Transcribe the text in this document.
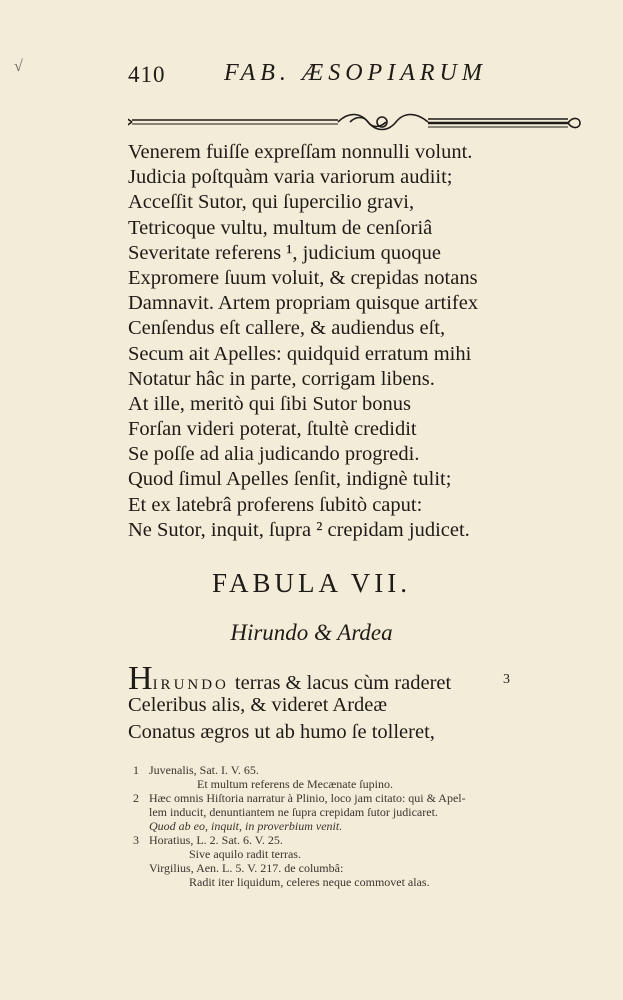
√	410 FAB. ÆSOPIARUM
Venerem fuiſſe expreſſam nonnulli volunt.
Judicia poſtquàm varia variorum audiit;
Acceſſit Sutor, qui ſupercilio gravi,
Tetricoque vultu, multum de cenſoriâ
Severitate referens ¹, judicium quoque
Expromere ſuum voluit, & crepidas notans
Damnavit. Artem propriam quisque artifex
Cenſendus eſt callere, & audiendus eſt,
Secum ait Apelles: quidquid erratum mihi
Notatur hâc in parte, corrigam libens.
At ille, meritò qui ſibi Sutor bonus
Forſan videri poterat, ſtultè credidit
Se poſſe ad alia judicando progredi.
Quod ſimul Apelles ſenſit, indignè tulit;
Et ex latebrâ proferens ſubitò caput:
Ne Sutor, inquit, ſupra ² crepidam judicet.
FABULA VII.
Hirundo & Ardea
HIRUNDO terras & lacus cùm raderet
Celeribus alis, & videret Ardeæ
Conatus ægros ut ab humo ſe tolleret,
3
1 Juvenalis, Sat. I. V. 65.
Et multum referens de Mecænate ſupino.
2 Hæc omnis Hiſtoria narratur à Plinio, loco jam citato: qui & Apel-
lem inducit, denuntiantem ne ſupra crepidam ſutor judicaret.
Quod ab eo, inquit, in proverbium venit.
3 Horatius, L. 2. Sat. 6. V. 25.
Sive aquilo radit terras.
Virgilius, Aen. L. 5. V. 217. de columbâ:
Radit iter liquidum, celeres neque commovet alas.
